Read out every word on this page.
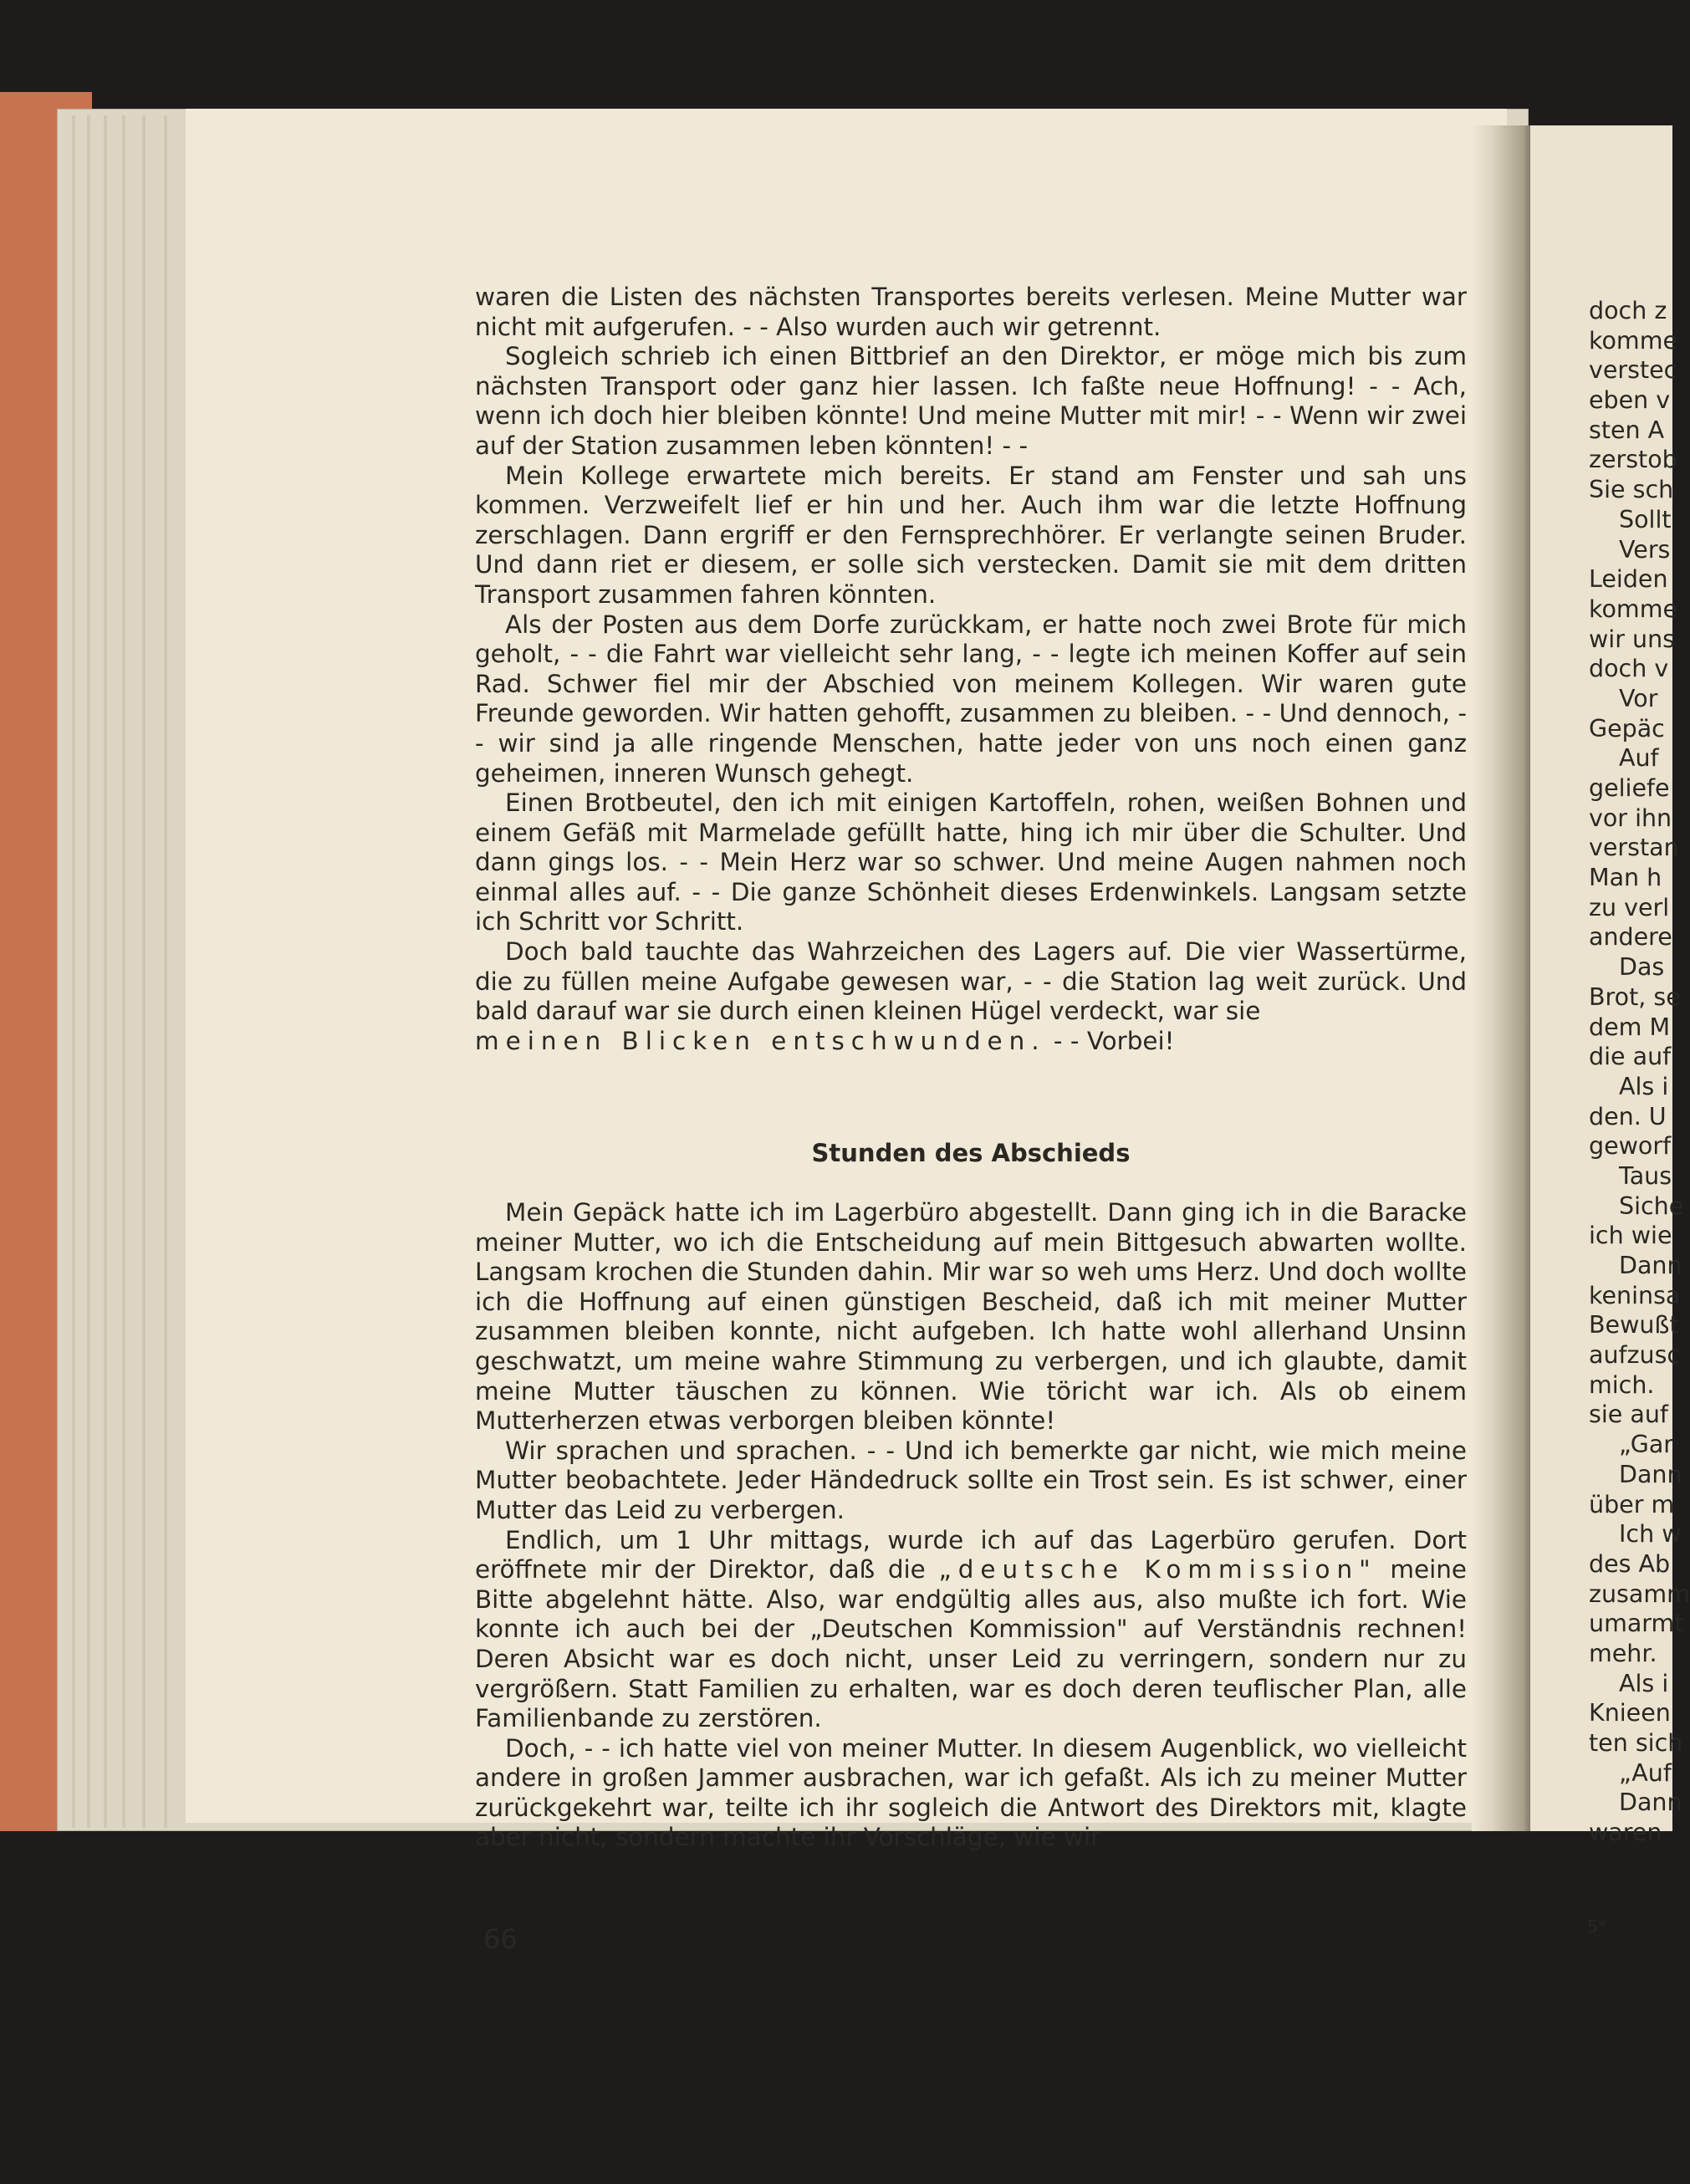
waren die Listen des nächsten Transportes bereits verlesen. Meine Mutter war nicht mit aufgerufen. - - Also wurden auch wir getrennt.

Sogleich schrieb ich einen Bittbrief an den Direktor, er möge mich bis zum nächsten Transport oder ganz hier lassen. Ich faßte neue Hoffnung! - - Ach, wenn ich doch hier bleiben könnte! Und meine Mutter mit mir! - - Wenn wir zwei auf der Station zusammen leben könnten! - -

Mein Kollege erwartete mich bereits. Er stand am Fenster und sah uns kommen. Verzweifelt lief er hin und her. Auch ihm war die letzte Hoffnung zerschlagen. Dann ergriff er den Fernsprechhörer. Er verlangte seinen Bruder. Und dann riet er diesem, er solle sich verstecken. Damit sie mit dem dritten Transport zusammen fahren könnten.

Als der Posten aus dem Dorfe zurückkam, er hatte noch zwei Brote für mich geholt, - - die Fahrt war vielleicht sehr lang, - - legte ich meinen Koffer auf sein Rad. Schwer fiel mir der Abschied von meinem Kollegen. Wir waren gute Freunde geworden. Wir hatten gehofft, zusammen zu bleiben. - - Und dennoch, - - wir sind ja alle ringende Menschen, hatte jeder von uns noch einen ganz geheimen, inneren Wunsch gehegt.

Einen Brotbeutel, den ich mit einigen Kartoffeln, rohen, weißen Bohnen und einem Gefäß mit Marmelade gefüllt hatte, hing ich mir über die Schulter. Und dann gings los. - - Mein Herz war so schwer. Und meine Augen nahmen noch einmal alles auf. - - Die ganze Schönheit dieses Erdenwinkels. Langsam setzte ich Schritt vor Schritt.

Doch bald tauchte das Wahrzeichen des Lagers auf. Die vier Wassertürme, die zu füllen meine Aufgabe gewesen war, - - die Station lag weit zurück. Und bald darauf war sie durch einen kleinen Hügel verdeckt, war sie
meinen Blicken entschwunden. - - Vorbei!

Stunden des Abschieds

Mein Gepäck hatte ich im Lagerbüro abgestellt. Dann ging ich in die Baracke meiner Mutter, wo ich die Entscheidung auf mein Bittgesuch abwarten wollte. Langsam krochen die Stunden dahin. Mir war so weh ums Herz. Und doch wollte ich die Hoffnung auf einen günstigen Bescheid, daß ich mit meiner Mutter zusammen bleiben konnte, nicht aufgeben. Ich hatte wohl allerhand Unsinn geschwatzt, um meine wahre Stimmung zu verbergen, und ich glaubte, damit meine Mutter täuschen zu können. Wie töricht war ich. Als ob einem Mutterherzen etwas verborgen bleiben könnte!

Wir sprachen und sprachen. - - Und ich bemerkte gar nicht, wie mich meine Mutter beobachtete. Jeder Händedruck sollte ein Trost sein. Es ist schwer, einer Mutter das Leid zu verbergen.

Endlich, um 1 Uhr mittags, wurde ich auf das Lagerbüro gerufen. Dort eröffnete mir der Direktor, daß die „deutsche Kommission" meine Bitte abgelehnt hätte. Also, war endgültig alles aus, also mußte ich fort. Wie konnte ich auch bei der „Deutschen Kommission" auf Verständnis rechnen! Deren Absicht war es doch nicht, unser Leid zu verringern, sondern nur zu vergrößern. Statt Familien zu erhalten, war es doch deren teuflischer Plan, alle Familienbande zu zerstören.

Doch, - - ich hatte viel von meiner Mutter. In diesem Augenblick, wo vielleicht andere in großen Jammer ausbrachen, war ich gefaßt. Als ich zu meiner Mutter zurückgekehrt war, teilte ich ihr sogleich die Antwort des Direktors mit, klagte aber nicht, sondern machte ihr Vorschläge, wie wir

66
doch z
komme
verstec
eben v
sten A
zerstob
Sie sch
Sollt
Vers
Leiden
komme
wir uns
doch v
Vor
Gepäc
Auf
geliefe
vor ihn
verstan
Man h
zu verl
andere
Das
Brot, se
dem M
die auf
Als i
den. U
geworf
Taus
Siche
ich wie
Dann
keninsa
Bewußt
aufzusc
mich.
sie auf
„Gar
Dann
über m
Ich w
des Ab
zusamm
umarmt
mehr.
Als i
Knieen
ten sich
„Auf
Dann
waren
5*
